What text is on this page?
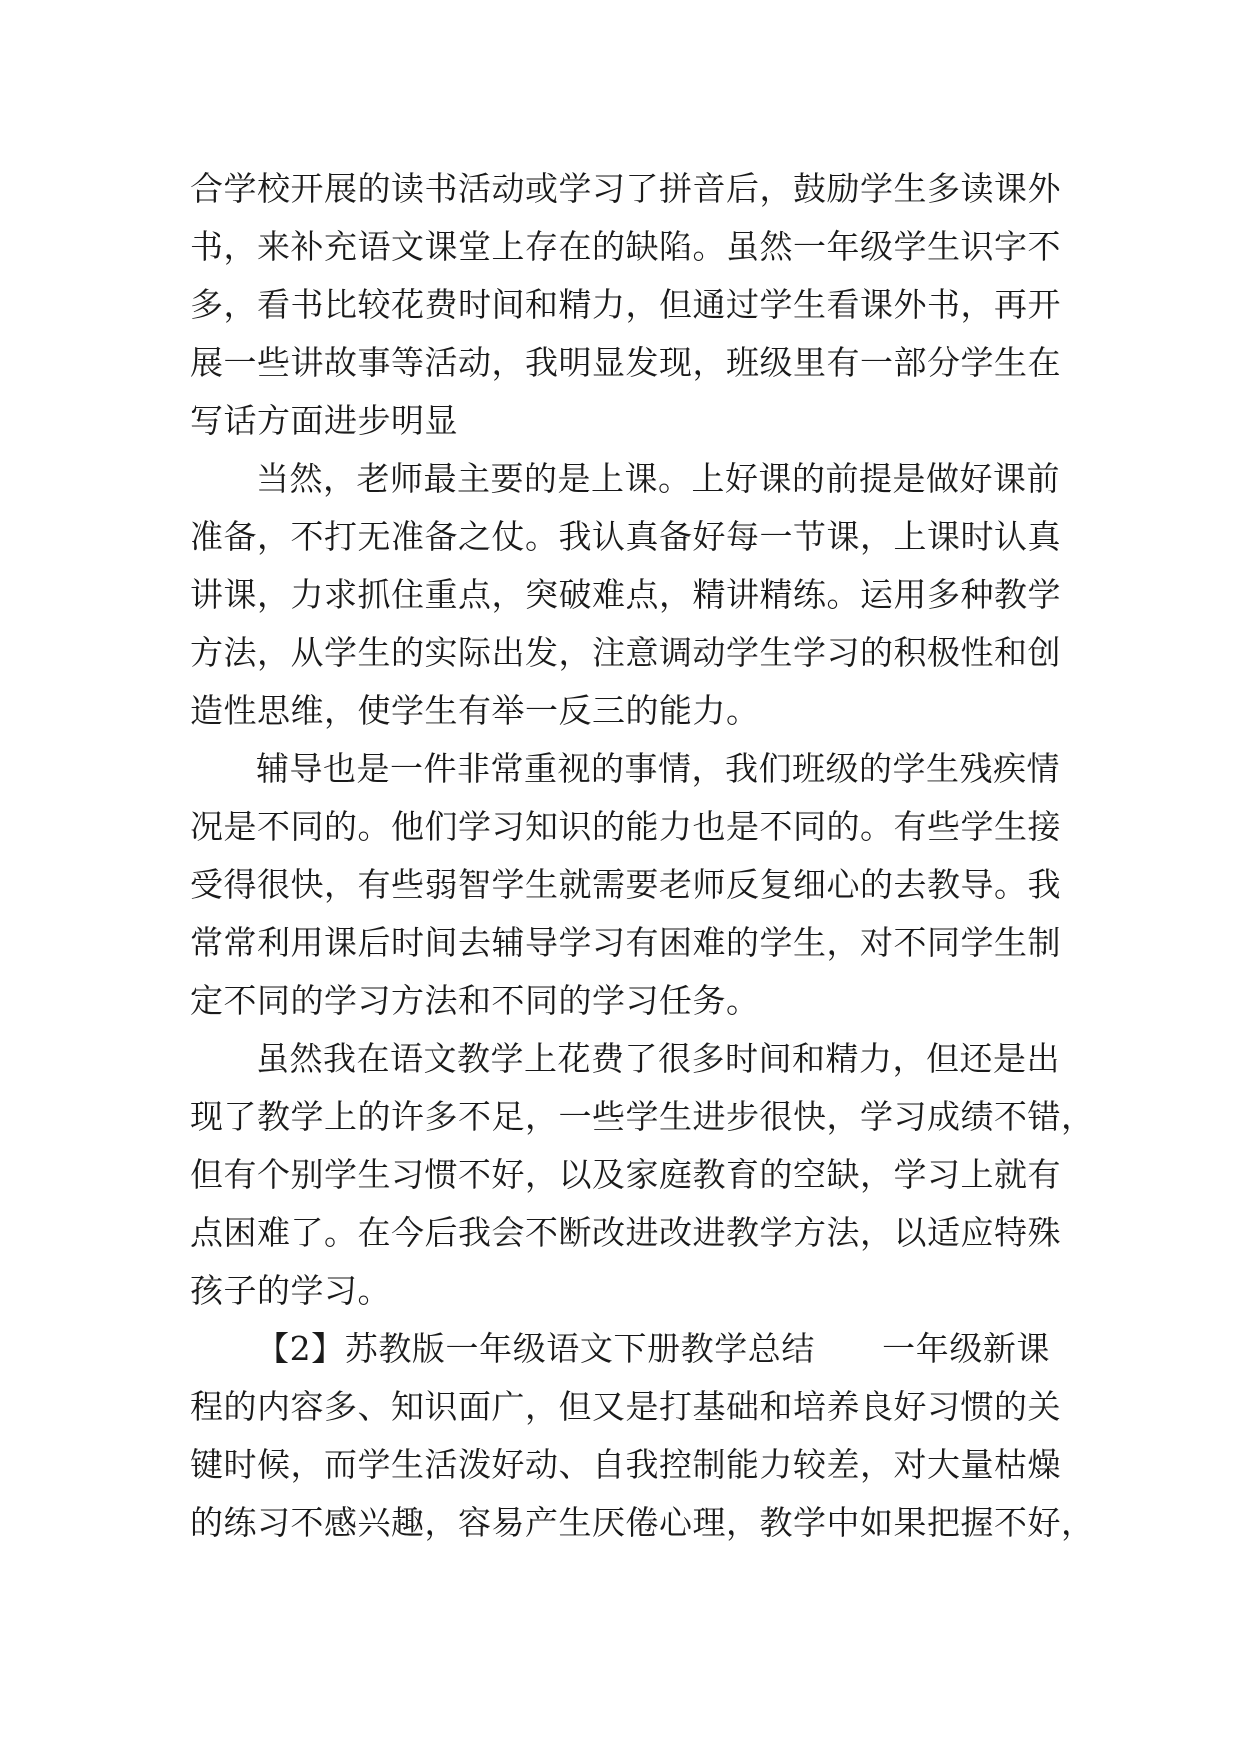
合学校开展的读书活动或学习了拼音后，鼓励学生多读课外
书，来补充语文课堂上存在的缺陷。虽然一年级学生识字不
多，看书比较花费时间和精力，但通过学生看课外书，再开
展一些讲故事等活动，我明显发现，班级里有一部分学生在
写话方面进步明显
当然，老师最主要的是上课。上好课的前提是做好课前
准备，不打无准备之仗。我认真备好每一节课，上课时认真
讲课，力求抓住重点，突破难点，精讲精练。运用多种教学
方法，从学生的实际出发，注意调动学生学习的积极性和创
造性思维，使学生有举一反三的能力。
辅导也是一件非常重视的事情，我们班级的学生残疾情
况是不同的。他们学习知识的能力也是不同的。有些学生接
受得很快，有些弱智学生就需要老师反复细心的去教导。我
常常利用课后时间去辅导学习有困难的学生，对不同学生制
定不同的学习方法和不同的学习任务。
虽然我在语文教学上花费了很多时间和精力，但还是出
现了教学上的许多不足，一些学生进步很快，学习成绩不错，
但有个别学生习惯不好，以及家庭教育的空缺，学习上就有
点困难了。在今后我会不断改进改进教学方法，以适应特殊
孩子的学习。
【2】苏教版一年级语文下册教学总结　　一年级新课
程的内容多、知识面广，但又是打基础和培养良好习惯的关
键时候，而学生活泼好动、自我控制能力较差，对大量枯燥
的练习不感兴趣，容易产生厌倦心理，教学中如果把握不好，
